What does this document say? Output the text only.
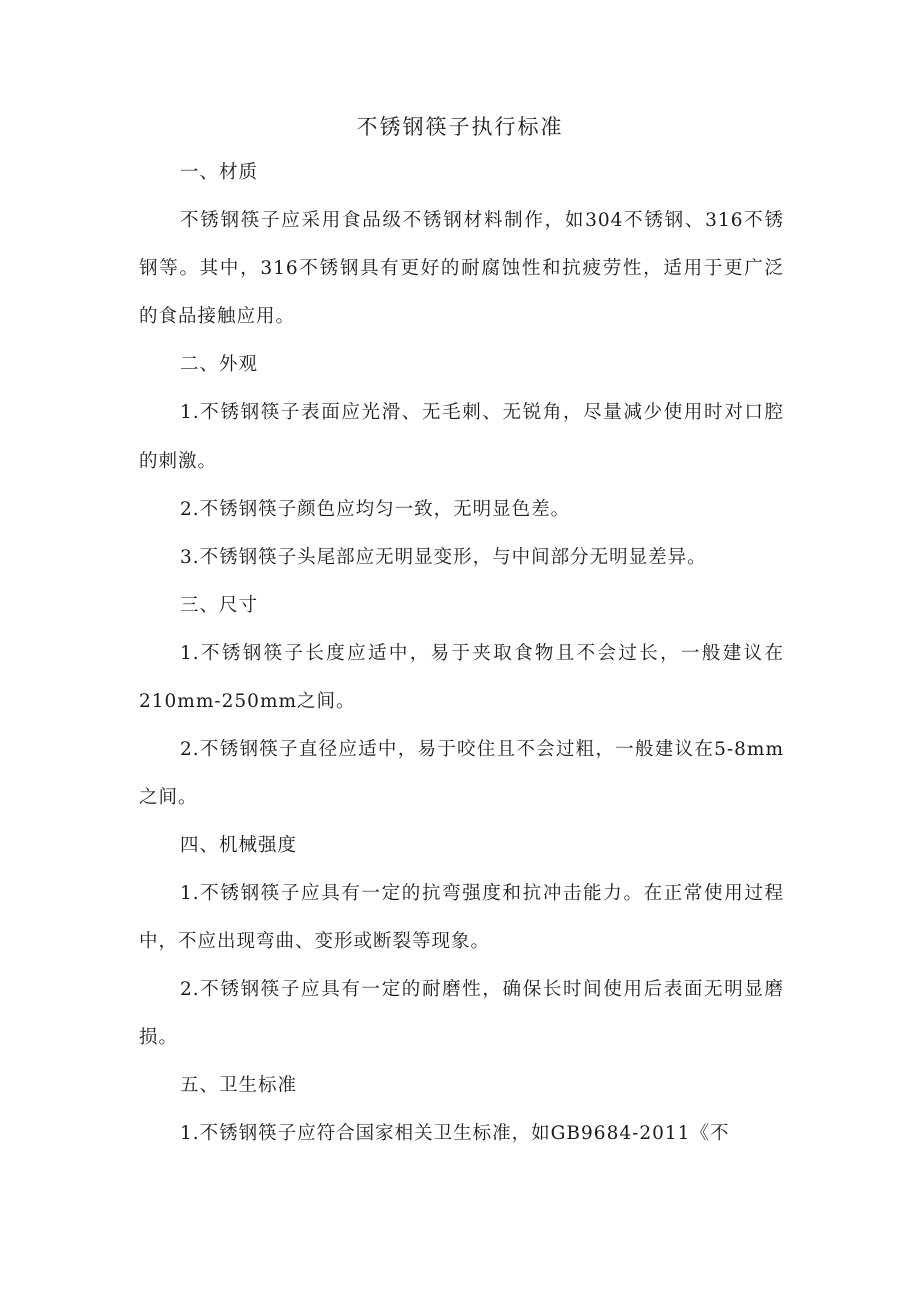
不锈钢筷子执行标准
一、材质
不锈钢筷子应采用食品级不锈钢材料制作，如304不锈钢、316不锈
钢等。其中，316不锈钢具有更好的耐腐蚀性和抗疲劳性，适用于更广泛
的食品接触应用。
二、外观
1.不锈钢筷子表面应光滑、无毛刺、无锐角，尽量减少使用时对口腔
的刺激。
2.不锈钢筷子颜色应均匀一致，无明显色差。
3.不锈钢筷子头尾部应无明显变形，与中间部分无明显差异。
三、尺寸
1.不锈钢筷子长度应适中，易于夹取食物且不会过长，一般建议在
210mm-250mm之间。
2.不锈钢筷子直径应适中，易于咬住且不会过粗，一般建议在5-8mm
之间。
四、机械强度
1.不锈钢筷子应具有一定的抗弯强度和抗冲击能力。在正常使用过程
中，不应出现弯曲、变形或断裂等现象。
2.不锈钢筷子应具有一定的耐磨性，确保长时间使用后表面无明显磨
损。
五、卫生标准
1.不锈钢筷子应符合国家相关卫生标准，如GB9684-2011《不
